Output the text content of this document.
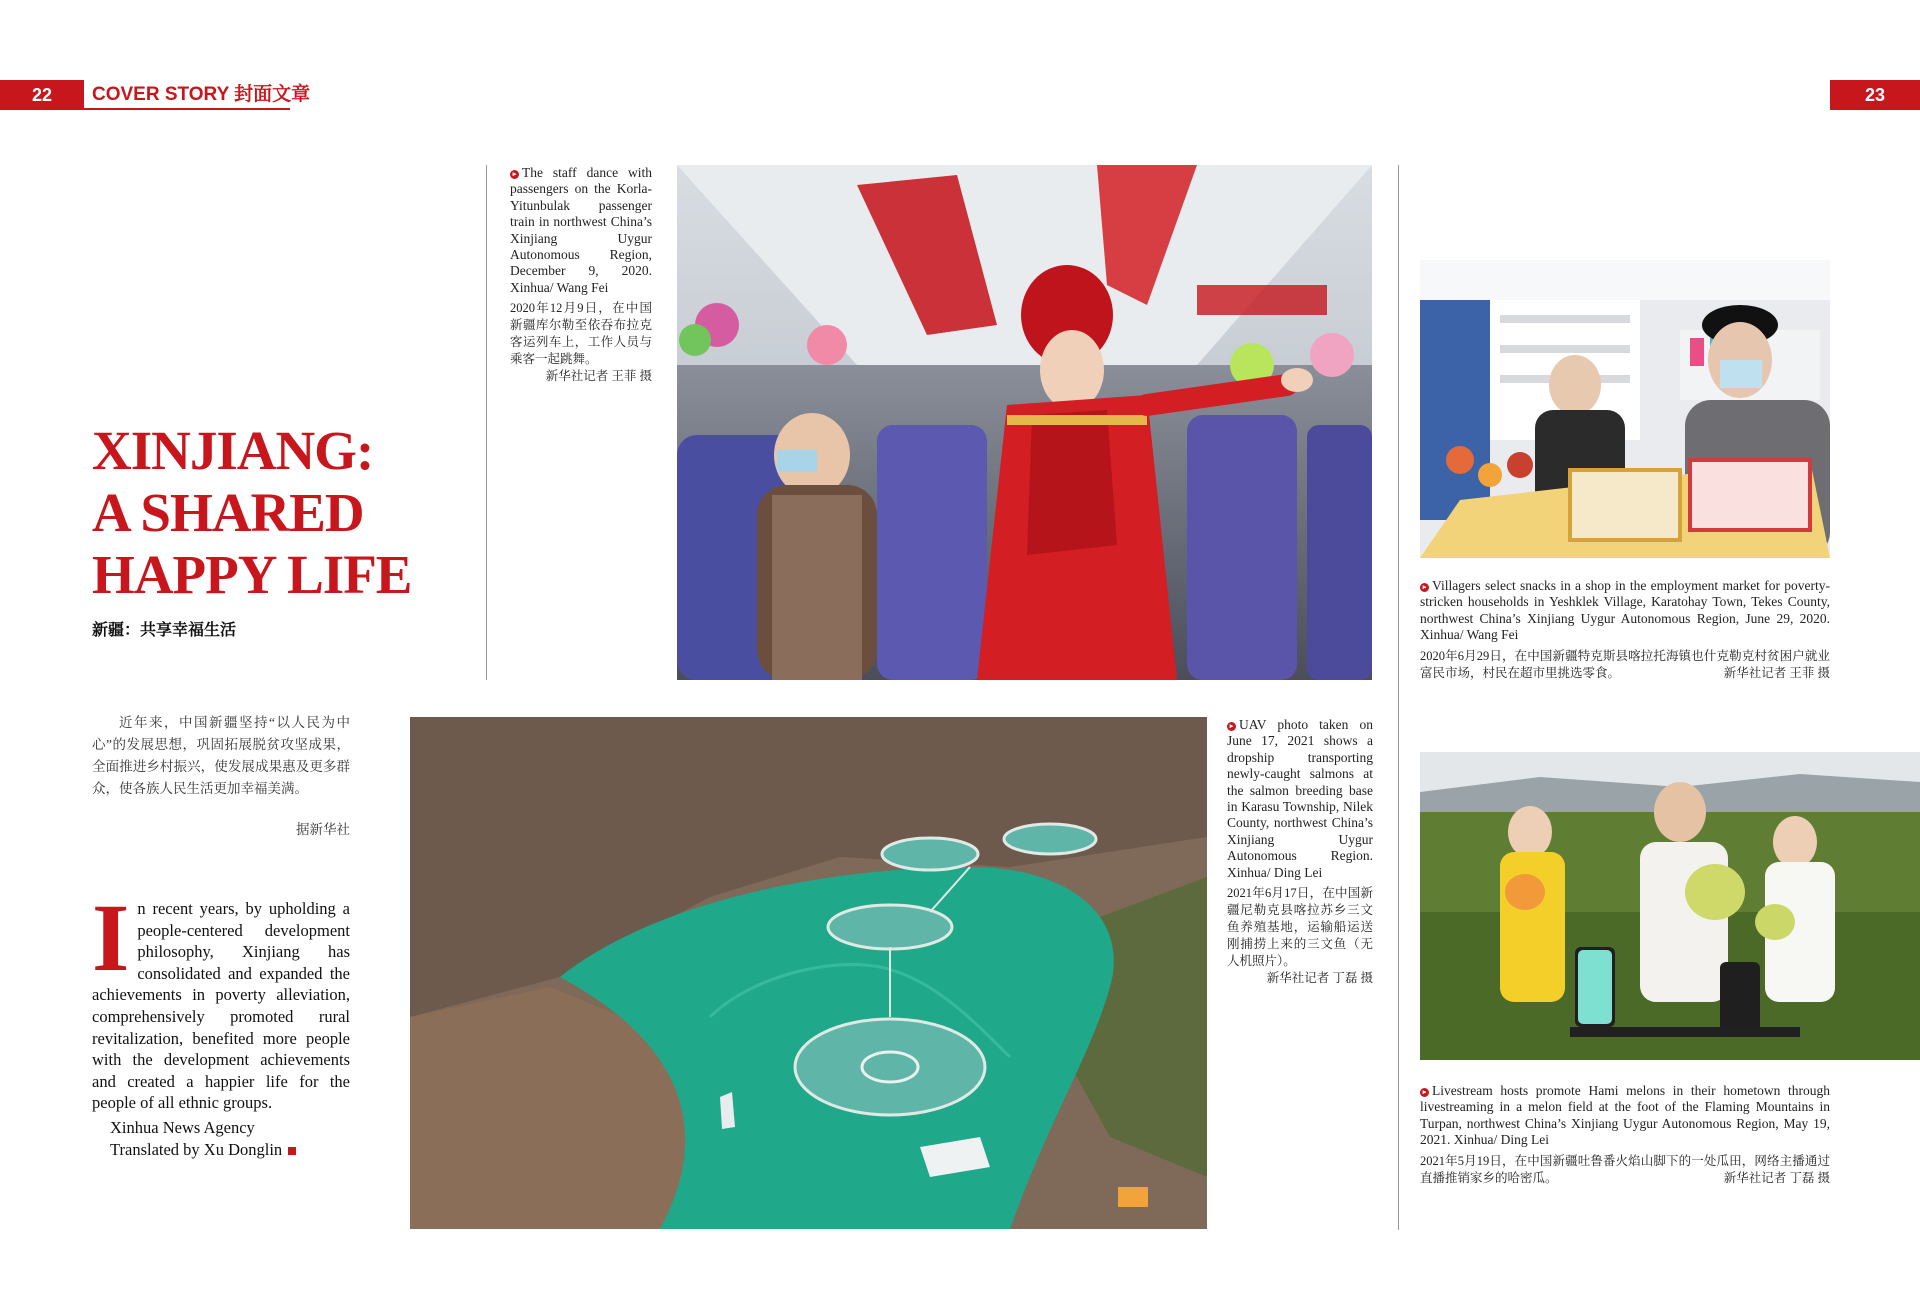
22 COVER STORY 封面文章	23
XINJIANG:
A SHARED
HAPPY LIFE
新疆：共享幸福生活
近年来，中国新疆坚持“以人民为中心”的发展思想，巩固拓展脱贫攻坚成果，全面推进乡村振兴，使发展成果惠及更多群众，使各族人民生活更加幸福美满。
据新华社
In recent years, by upholding a people-centered development philosophy, Xinjiang has consolidated and expanded the achievements in poverty alleviation, comprehensively promoted rural revitalization, benefited more people with the development achievements and created a happier life for the people of all ethnic groups.
Xinhua News Agency
Translated by Xu Donglin
▸ The staff dance with passengers on the Korla-Yitunbulak passenger train in northwest China’s Xinjiang Uygur Autonomous Region, December 9, 2020. Xinhua/ Wang Fei
2020年12月9日，在中国新疆库尔勒至依吞布拉克客运列车上，工作人员与乘客一起跳舞。
新华社记者 王菲 摄
▸ Villagers select snacks in a shop in the employment market for poverty-stricken households in Yeshklek Village, Karatohay Town, Tekes County, northwest China’s Xinjiang Uygur Autonomous Region, June 29, 2020. Xinhua/ Wang Fei
2020年6月29日，在中国新疆特克斯县喀拉托海镇也什克勒克村贫困户就业富民市场，村民在超市里挑选零食。	新华社记者 王菲 摄
▸ UAV photo taken on June 17, 2021 shows a dropship transporting newly-caught salmons at the salmon breeding base in Karasu Township, Nilek County, northwest China’s Xinjiang Uygur Autonomous Region. Xinhua/ Ding Lei
2021年6月17日，在中国新疆尼勒克县喀拉苏乡三文鱼养殖基地，运输船运送刚捕捞上来的三文鱼（无人机照片）。
新华社记者 丁磊 摄
▸ Livestream hosts promote Hami melons in their hometown through livestreaming in a melon field at the foot of the Flaming Mountains in Turpan, northwest China’s Xinjiang Uygur Autonomous Region, May 19, 2021. Xinhua/ Ding Lei
2021年5月19日，在中国新疆吐鲁番火焰山脚下的一处瓜田，网络主播通过直播推销家乡的哈密瓜。	新华社记者 丁磊 摄
